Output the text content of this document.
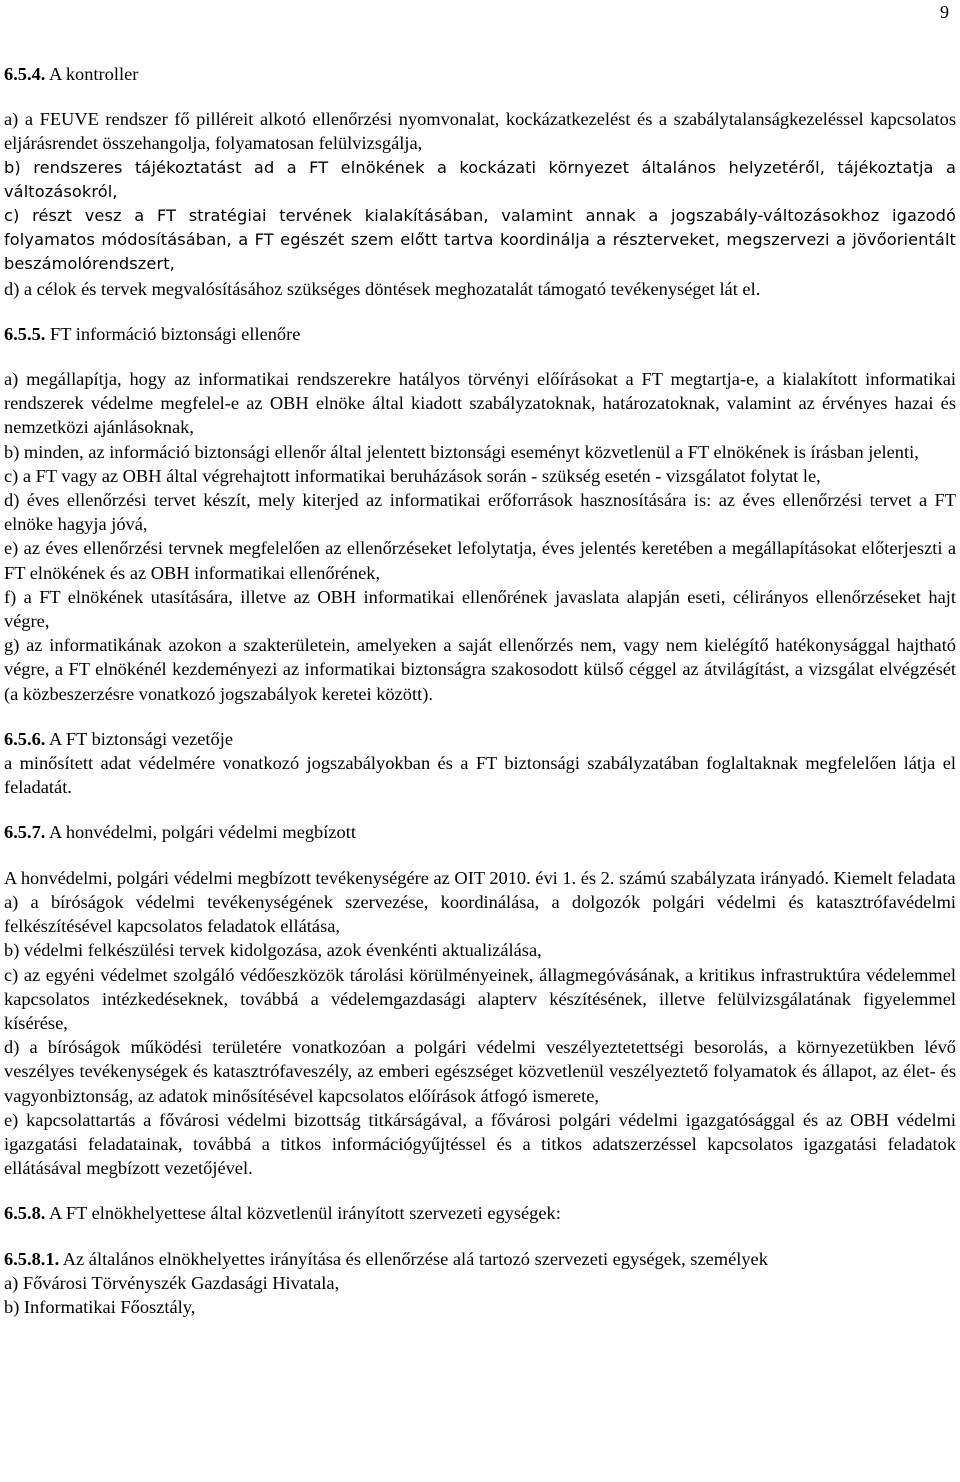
9
6.5.4. A kontroller

a) a FEUVE rendszer fő pilléreit alkotó ellenőrzési nyomvonalat, kockázatkezelést és a szabálytalanságkezeléssel kapcsolatos eljárásrendet összehangolja, folyamatosan felülvizsgálja,

b) rendszeres tájékoztatást ad a FT elnökének a kockázati környezet általános helyzetéről, tájékoztatja a változásokról,

c) részt vesz a FT stratégiai tervének kialakításában, valamint annak a jogszabály-változásokhoz igazodó folyamatos módosításában, a FT egészét szem előtt tartva koordinálja a részterveket, megszervezi a jövőorientált beszámolórendszert,

d) a célok és tervek megvalósításához szükséges döntések meghozatalát támogató tevékenységet lát el.

6.5.5. FT információ biztonsági ellenőre

a) megállapítja, hogy az informatikai rendszerekre hatályos törvényi előírásokat a FT megtartja-e, a kialakított informatikai rendszerek védelme megfelel-e az OBH elnöke által kiadott szabályzatoknak, határozatoknak, valamint az érvényes hazai és nemzetközi ajánlásoknak,

b) minden, az információ biztonsági ellenőr által jelentett biztonsági eseményt közvetlenül a FT elnökének is írásban jelenti,

c) a FT vagy az OBH által végrehajtott informatikai beruházások során - szükség esetén - vizsgálatot folytat le,

d) éves ellenőrzési tervet készít, mely kiterjed az informatikai erőforrások hasznosítására is: az éves ellenőrzési tervet a FT elnöke hagyja jóvá,

e) az éves ellenőrzési tervnek megfelelően az ellenőrzéseket lefolytatja, éves jelentés keretében a megállapításokat előterjeszti a FT elnökének és az OBH informatikai ellenőrének,

f) a FT elnökének utasítására, illetve az OBH informatikai ellenőrének javaslata alapján eseti, célirányos ellenőrzéseket hajt végre,

g) az informatikának azokon a szakterületein, amelyeken a saját ellenőrzés nem, vagy nem kielégítő hatékonysággal hajtható végre, a FT elnökénél kezdeményezi az informatikai biztonságra szakosodott külső céggel az átvilágítást, a vizsgálat elvégzését (a közbeszerzésre vonatkozó jogszabályok keretei között).

6.5.6. A FT biztonsági vezetője

a minősített adat védelmére vonatkozó jogszabályokban és a FT biztonsági szabályzatában foglaltaknak megfelelően látja el feladatát.

6.5.7. A honvédelmi, polgári védelmi megbízott

A honvédelmi, polgári védelmi megbízott tevékenységére az OIT 2010. évi 1. és 2. számú szabályzata irányadó. Kiemelt feladata

a) a bíróságok védelmi tevékenységének szervezése, koordinálása, a dolgozók polgári védelmi és katasztrófavédelmi felkészítésével kapcsolatos feladatok ellátása,

b) védelmi felkészülési tervek kidolgozása, azok évenkénti aktualizálása,

c) az egyéni védelmet szolgáló védőeszközök tárolási körülményeinek, állagmegóvásának, a kritikus infrastruktúra védelemmel kapcsolatos intézkedéseknek, továbbá a védelemgazdasági alapterv készítésének, illetve felülvizsgálatának figyelemmel kísérése,

d) a bíróságok működési területére vonatkozóan a polgári védelmi veszélyeztetettségi besorolás, a környezetükben lévő veszélyes tevékenységek és katasztrófaveszély, az emberi egészséget közvetlenül veszélyeztető folyamatok és állapot, az élet- és vagyonbiztonság, az adatok minősítésével kapcsolatos előírások átfogó ismerete,

e) kapcsolattartás a fővárosi védelmi bizottság titkárságával, a fővárosi polgári védelmi igazgatósággal és az OBH védelmi igazgatási feladatainak, továbbá a titkos információgyűjtéssel és a titkos adatszerzéssel kapcsolatos igazgatási feladatok ellátásával megbízott vezetőjével.

6.5.8. A FT elnökhelyettese által közvetlenül irányított szervezeti egységek:

6.5.8.1. Az általános elnökhelyettes irányítása és ellenőrzése alá tartozó szervezeti egységek, személyek

a) Fővárosi Törvényszék Gazdasági Hivatala,

b) Informatikai Főosztály,
